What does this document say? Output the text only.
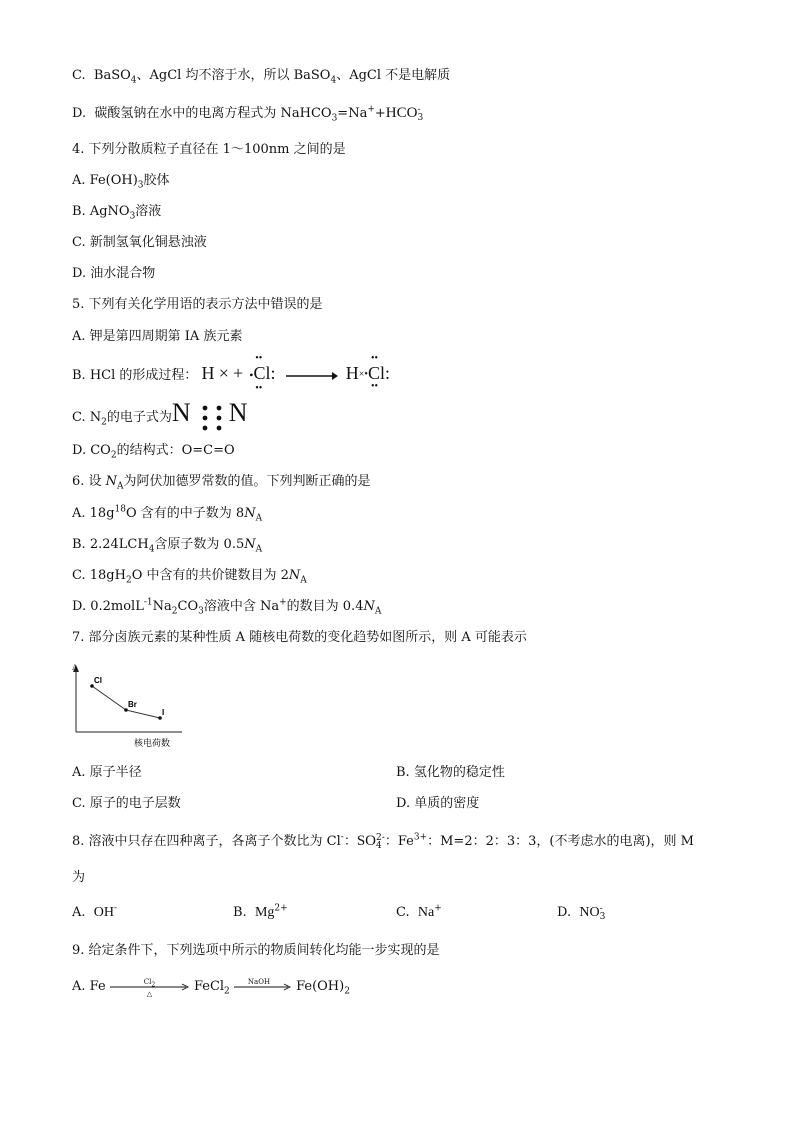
C. BaSO$_4$、AgCl 均不溶于水，所以 BaSO$_4$、AgCl 不是电解质
D. 碳酸氢钠在水中的电离方程式为 NaHCO$_3$=Na++HCO -
3
4. 下列分散质粒子直径在 1～100nm 之间的是
A. $Fe(OH)_3$胶体
B. AgNO$_3$溶液
C. 新制氢氧化铜悬浊液
D. 油水混合物
5. 下列有关化学用语的表示方法中错误的是
A. 钾是第四周期第 IA 族元素
B. HCl 的形成过程： H × +
••
••
•Cl: → H×•
••
••
Cl:
C. $N_2$的电子式为N N
D. $CO_2$的结构式：O=C=O
6. 设 $N_A$为阿伏加德罗常数的值。下列判断正确的是
A. $18g^{18}O$ 含有的中子数为 $8N_A$
B. $2.24LCH_4$含原子数为 $0.5N_A$
C. $18gH_2O$ 中含有的共价键数目为 $2N_A$
D. $0.2molL^{-1}Na_2CO_3$溶液中含 Na+的数目为 $0.4N_A$
7. 部分卤族元素的某种性质 A 随核电荷数的变化趋势如图所示，则 A 可能表示
A
核电荷数
Cl
Br
I
A. 原子半径	B. 氢化物的稳定性
C. 原子的电子层数	D. 单质的密度
8. 溶液中只存在四种离子，各离子个数比为 Cl-：SO 2-
4 ：$Fe^{3+}$：M=2：2：3：3，(不考虑水的电离)，则 M
为
A. OH-	B. $Mg^{2+}$	C. Na+	D. NO -
3
9. 给定条件下，下列选项中所示的物质间转化均能一步实现的是
A. Fe	$Cl_2$
△	FeCl$_2$
NaOH $Fe(OH)_2$
